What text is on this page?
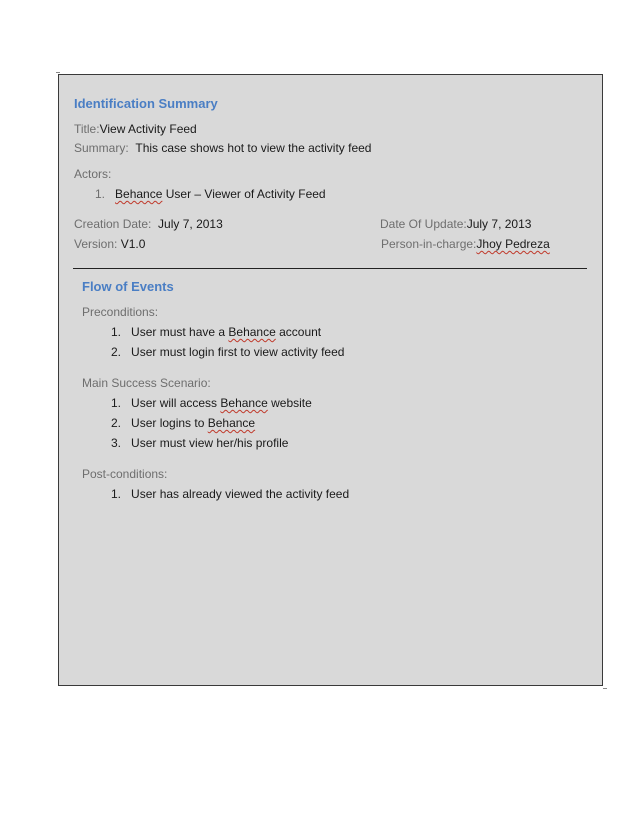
Identification Summary
Title:View Activity Feed
Summary: This case shows hot to view the activity feed
Actors:
1. Behance User – Viewer of Activity Feed
Creation Date: July 7, 2013	Date Of Update:July 7, 2013
Version: V1.0	Person-in-charge:Jhoy Pedreza
Flow of Events
Preconditions:
1. User must have a Behance account
2. User must login first to view activity feed
Main Success Scenario:
1. User will access Behance website
2. User logins to Behance
3. User must view her/his profile
Post-conditions:
1. User has already viewed the activity feed
